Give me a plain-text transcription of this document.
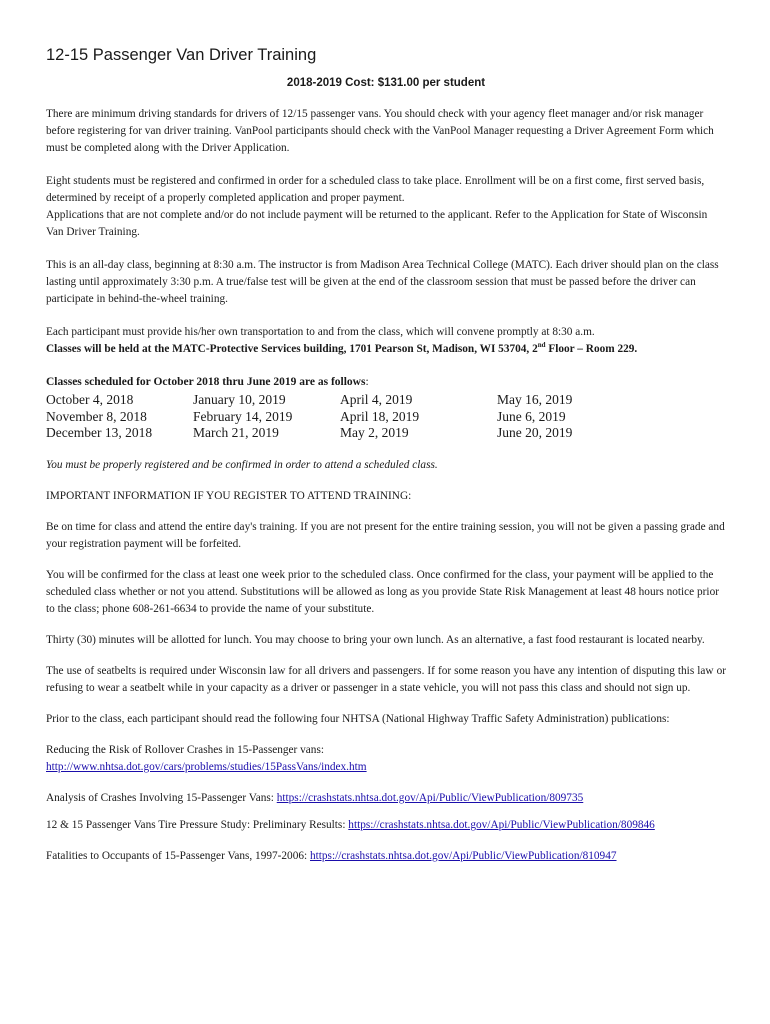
12-15 Passenger Van Driver Training
2018-2019 Cost: $131.00 per student

There are minimum driving standards for drivers of 12/15 passenger vans. You should check with your agency fleet manager and/or risk manager before registering for van driver training. VanPool participants should check with the VanPool Manager requesting a Driver Agreement Form which must be completed along with the Driver Application.

Eight students must be registered and confirmed in order for a scheduled class to take place. Enrollment will be on a first come, first served basis, determined by receipt of a properly completed application and proper payment.

Applications that are not complete and/or do not include payment will be returned to the applicant. Refer to the Application for State of Wisconsin Van Driver Training.

This is an all-day class, beginning at 8:30 a.m. The instructor is from Madison Area Technical College (MATC). Each driver should plan on the class lasting until approximately 3:30 p.m. A true/false test will be given at the end of the classroom session that must be passed before the driver can participate in behind-the-wheel training.

Each participant must provide his/her own transportation to and from the class, which will convene promptly at 8:30 a.m.

Classes will be held at the MATC-Protective Services building, 1701 Pearson St, Madison, WI 53704, 2nd Floor – Room 229.

Classes scheduled for October 2018 thru June 2019 are as follows:
October 4, 2018
November 8, 2018
December 13, 2018
January 10, 2019
February 14, 2019
March 21, 2019
April 4, 2019
April 18, 2019
May 2, 2019
May 16, 2019
June 6, 2019
June 20, 2019

You must be properly registered and be confirmed in order to attend a scheduled class.

IMPORTANT INFORMATION IF YOU REGISTER TO ATTEND TRAINING:

Be on time for class and attend the entire day's training. If you are not present for the entire training session, you will not be given a passing grade and your registration payment will be forfeited.

You will be confirmed for the class at least one week prior to the scheduled class. Once confirmed for the class, your payment will be applied to the scheduled class whether or not you attend. Substitutions will be allowed as long as you provide State Risk Management at least 48 hours notice prior to the class; phone 608-261-6634 to provide the name of your substitute.

Thirty (30) minutes will be allotted for lunch. You may choose to bring your own lunch. As an alternative, a fast food restaurant is located nearby.

The use of seatbelts is required under Wisconsin law for all drivers and passengers. If for some reason you have any intention of disputing this law or refusing to wear a seatbelt while in your capacity as a driver or passenger in a state vehicle, you will not pass this class and should not sign up.

Prior to the class, each participant should read the following four NHTSA (National Highway Traffic Safety Administration) publications:

Reducing the Risk of Rollover Crashes in 15-Passenger vans:

http://www.nhtsa.dot.gov/cars/problems/studies/15PassVans/index.htm

Analysis of Crashes Involving 15-Passenger Vans: https://crashstats.nhtsa.dot.gov/Api/Public/ViewPublication/809735

12 & 15 Passenger Vans Tire Pressure Study: Preliminary Results: https://crashstats.nhtsa.dot.gov/Api/Public/ViewPublication/809846

Fatalities to Occupants of 15-Passenger Vans, 1997-2006: https://crashstats.nhtsa.dot.gov/Api/Public/ViewPublication/810947
